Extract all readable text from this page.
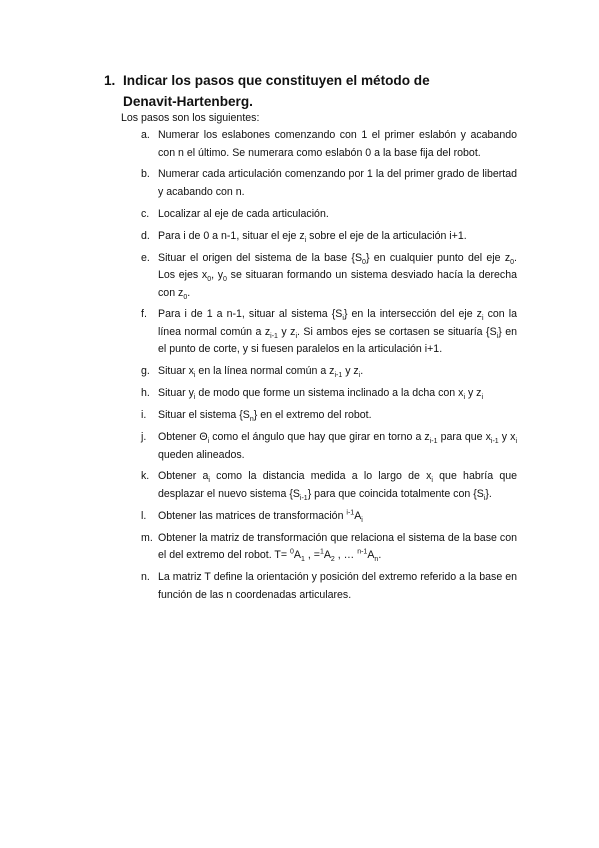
1. Indicar los pasos que constituyen el método de Denavit-Hartenberg.
Los pasos son los siguientes:
a. Numerar los eslabones comenzando con 1 el primer eslabón y acabando con n el último. Se numerara como eslabón 0 a la base fija del robot.
b. Numerar cada articulación comenzando por 1 la del primer grado de libertad y acabando con n.
c. Localizar al eje de cada articulación.
d. Para i de 0 a n-1, situar el eje $z_i$ sobre el eje de la articulación i+1.
e. Situar el origen del sistema de la base $\{S_0\}$ en cualquier punto del eje $z_0$. Los ejes $x_0$, $y_0$ se situaran formando un sistema desviado hacía la derecha con $z_0$.
f. Para i de 1 a n-1, situar al sistema $\{S_i\}$ en la intersección del eje $z_i$ con la línea normal común a $z_{i-1}$ y $z_i$. Si ambos ejes se cortasen se situaría $\{S_i\}$ en el punto de corte, y si fuesen paralelos en la articulación i+1.
g. Situar $x_i$ en la línea normal común a $z_{i-1}$ y $z_i$.
h. Situar $y_i$ de modo que forme un sistema inclinado a la dcha con $x_i$ y $z_i$
i. Situar el sistema $\{S_n\}$ en el extremo del robot.
j. Obtener $\Theta_i$ como el ángulo que hay que girar en torno a $z_{i-1}$ para que $x_{i-1}$ y $x_i$ queden alineados.
k. Obtener $a_i$ como la distancia medida a lo largo de $x_i$ que habría que desplazar el nuevo sistema $\{S_{i-1}\}$ para que coincida totalmente con $\{S_i\}$.
l. Obtener las matrices de transformación $^{i-1}A_i$
m. Obtener la matriz de transformación que relaciona el sistema de la base con el del extremo del robot. $T= ^0A_1$ , $=^1A_2$ , … $^{n-1}A_n$.
n. La matriz T define la orientación y posición del extremo referido a la base en función de las n coordenadas articulares.
